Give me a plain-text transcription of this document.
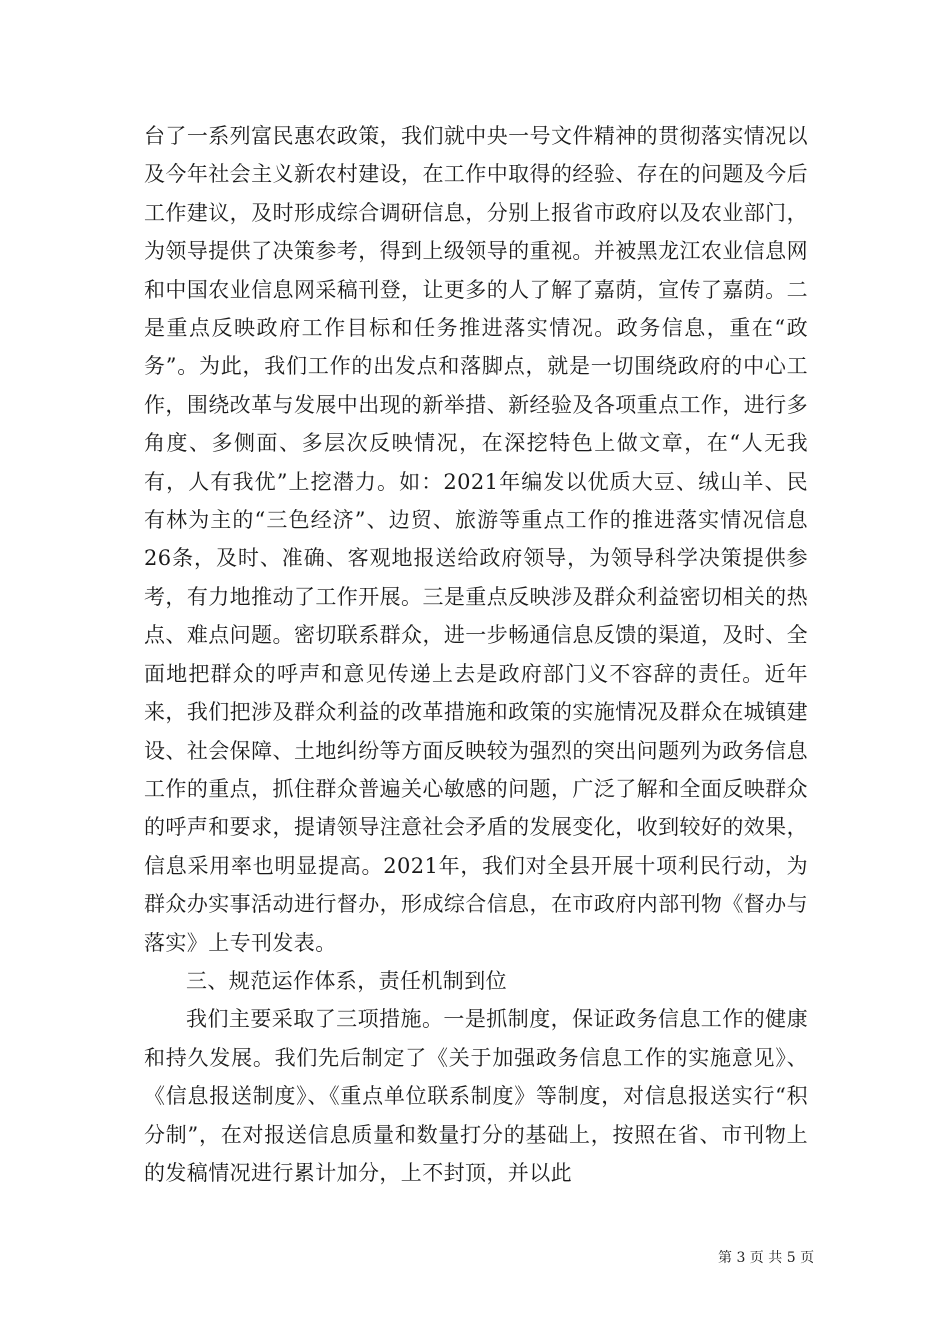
台了一系列富民惠农政策，我们就中央一号文件精神的贯彻落实情况以及今年社会主义新农村建设，在工作中取得的经验、存在的问题及今后工作建议，及时形成综合调研信息，分别上报省市政府以及农业部门，为领导提供了决策参考，得到上级领导的重视。并被黑龙江农业信息网和中国农业信息网采稿刊登，让更多的人了解了嘉荫，宣传了嘉荫。二是重点反映政府工作目标和任务推进落实情况。政务信息，重在“政务”。为此，我们工作的出发点和落脚点，就是一切围绕政府的中心工作，围绕改革与发展中出现的新举措、新经验及各项重点工作，进行多角度、多侧面、多层次反映情况，在深挖特色上做文章，在“人无我有，人有我优”上挖潜力。如：2021年编发以优质大豆、绒山羊、民有林为主的“三色经济”、边贸、旅游等重点工作的推进落实情况信息26条，及时、准确、客观地报送给政府领导，为领导科学决策提供参考，有力地推动了工作开展。三是重点反映涉及群众利益密切相关的热点、难点问题。密切联系群众，进一步畅通信息反馈的渠道，及时、全面地把群众的呼声和意见传递上去是政府部门义不容辞的责任。近年来，我们把涉及群众利益的改革措施和政策的实施情况及群众在城镇建设、社会保障、土地纠纷等方面反映较为强烈的突出问题列为政务信息工作的重点，抓住群众普遍关心敏感的问题，广泛了解和全面反映群众的呼声和要求，提请领导注意社会矛盾的发展变化，收到较好的效果，信息采用率也明显提高。2021年，我们对全县开展十项利民行动，为群众办实事活动进行督办，形成综合信息，在市政府内部刊物《督办与落实》上专刊发表。

三、规范运作体系，责任机制到位

我们主要采取了三项措施。一是抓制度，保证政务信息工作的健康和持久发展。我们先后制定了《关于加强政务信息工作的实施意见》、《信息报送制度》、《重点单位联系制度》等制度，对信息报送实行“积分制”，在对报送信息质量和数量打分的基础上，按照在省、市刊物上的发稿情况进行累计加分，上不封顶，并以此

第 3 页 共 5 页
